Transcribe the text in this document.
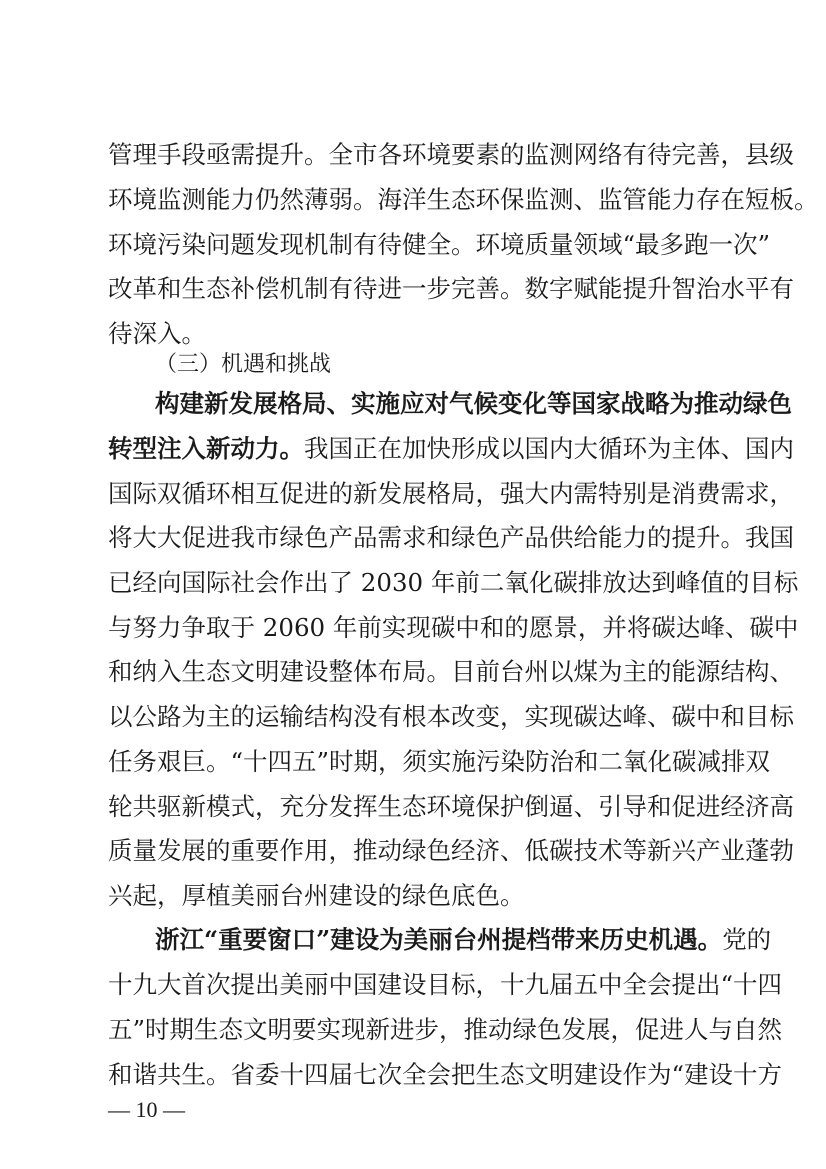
管理手段亟需提升。全市各环境要素的监测网络有待完善，县级
环境监测能力仍然薄弱。海洋生态环保监测、监管能力存在短板。
环境污染问题发现机制有待健全。环境质量领域“最多跑一次”
改革和生态补偿机制有待进一步完善。数字赋能提升智治水平有
待深入。
（三）机遇和挑战
构建新发展格局、实施应对气候变化等国家战略为推动绿色
转型注入新动力。我国正在加快形成以国内大循环为主体、国内
国际双循环相互促进的新发展格局，强大内需特别是消费需求，
将大大促进我市绿色产品需求和绿色产品供给能力的提升。我国
已经向国际社会作出了 2030 年前二氧化碳排放达到峰值的目标
与努力争取于 2060 年前实现碳中和的愿景，并将碳达峰、碳中
和纳入生态文明建设整体布局。目前台州以煤为主的能源结构、
以公路为主的运输结构没有根本改变，实现碳达峰、碳中和目标
任务艰巨。“十四五”时期，须实施污染防治和二氧化碳减排双
轮共驱新模式，充分发挥生态环境保护倒逼、引导和促进经济高
质量发展的重要作用，推动绿色经济、低碳技术等新兴产业蓬勃
兴起，厚植美丽台州建设的绿色底色。
浙江“重要窗口”建设为美丽台州提档带来历史机遇。党的
十九大首次提出美丽中国建设目标，十九届五中全会提出“十四
五”时期生态文明要实现新进步，推动绿色发展，促进人与自然
和谐共生。省委十四届七次全会把生态文明建设作为“建设十方
— 10 —
